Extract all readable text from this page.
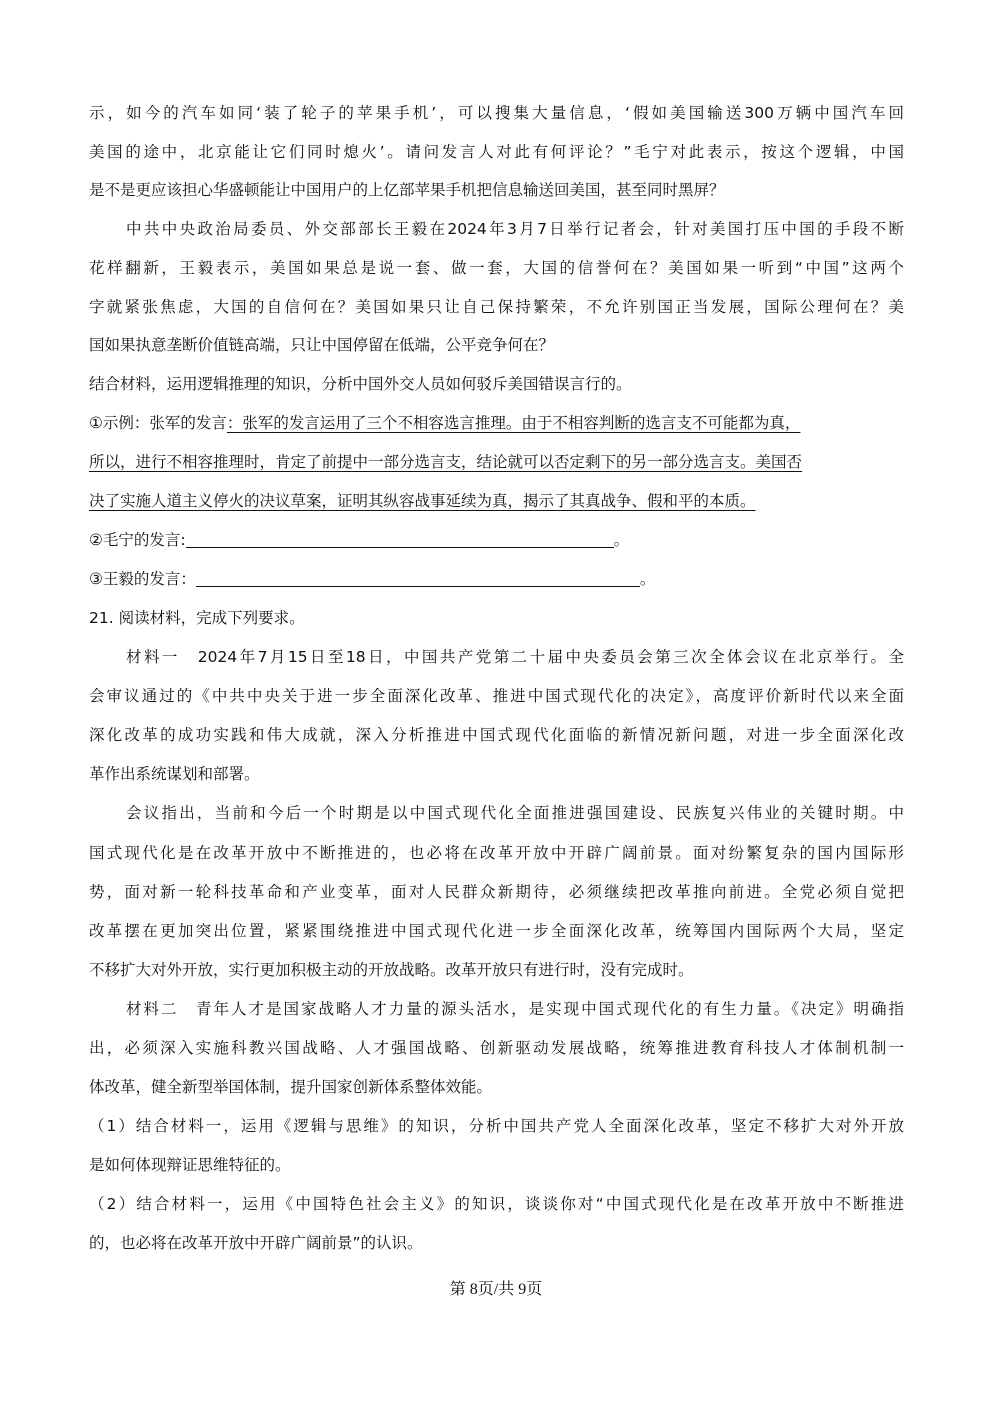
示，如今的汽车如同‘装了轮子的苹果手机’，可以搜集大量信息，‘假如美国输送300万辆中国汽车回
美国的途中，北京能让它们同时熄火’。请问发言人对此有何评论？”毛宁对此表示，按这个逻辑，中国
是不是更应该担心华盛顿能让中国用户的上亿部苹果手机把信息输送回美国，甚至同时黑屏？
中共中央政治局委员、外交部部长王毅在2024年3月7日举行记者会，针对美国打压中国的手段不断
花样翻新，王毅表示，美国如果总是说一套、做一套，大国的信誉何在？美国如果一听到“中国”这两个
字就紧张焦虑，大国的自信何在？美国如果只让自己保持繁荣，不允许别国正当发展，国际公理何在？美
国如果执意垄断价值链高端，只让中国停留在低端，公平竞争何在？
结合材料，运用逻辑推理的知识，分析中国外交人员如何驳斥美国错误言行的。
①示例：张军的发言：张军的发言运用了三个不相容选言推理。由于不相容判断的选言支不可能都为真，
所以，进行不相容推理时，肯定了前提中一部分选言支，结论就可以否定剩下的另一部分选言支。美国否
决了实施人道主义停火的决议草案，证明其纵容战事延续为真，揭示了其真战争、假和平的本质。
②毛宁的发言:	。
③王毅的发言：	。
21. 阅读材料，完成下列要求。
材料一　2024年7月15日至18日，中国共产党第二十届中央委员会第三次全体会议在北京举行。全
会审议通过的《中共中央关于进一步全面深化改革、推进中国式现代化的决定》，高度评价新时代以来全面
深化改革的成功实践和伟大成就，深入分析推进中国式现代化面临的新情况新问题，对进一步全面深化改
革作出系统谋划和部署。
会议指出，当前和今后一个时期是以中国式现代化全面推进强国建设、民族复兴伟业的关键时期。中
国式现代化是在改革开放中不断推进的，也必将在改革开放中开辟广阔前景。面对纷繁复杂的国内国际形
势，面对新一轮科技革命和产业变革，面对人民群众新期待，必须继续把改革推向前进。全党必须自觉把
改革摆在更加突出位置，紧紧围绕推进中国式现代化进一步全面深化改革，统筹国内国际两个大局，坚定
不移扩大对外开放，实行更加积极主动的开放战略。改革开放只有进行时，没有完成时。
材料二　青年人才是国家战略人才力量的源头活水，是实现中国式现代化的有生力量。《决定》明确指
出，必须深入实施科教兴国战略、人才强国战略、创新驱动发展战略，统筹推进教育科技人才体制机制一
体改革，健全新型举国体制，提升国家创新体系整体效能。
（1）结合材料一，运用《逻辑与思维》的知识，分析中国共产党人全面深化改革，坚定不移扩大对外开放
是如何体现辩证思维特征的。
（2）结合材料一，运用《中国特色社会主义》的知识，谈谈你对“中国式现代化是在改革开放中不断推进
的，也必将在改革开放中开辟广阔前景”的认识。
第 8页/共 9页
